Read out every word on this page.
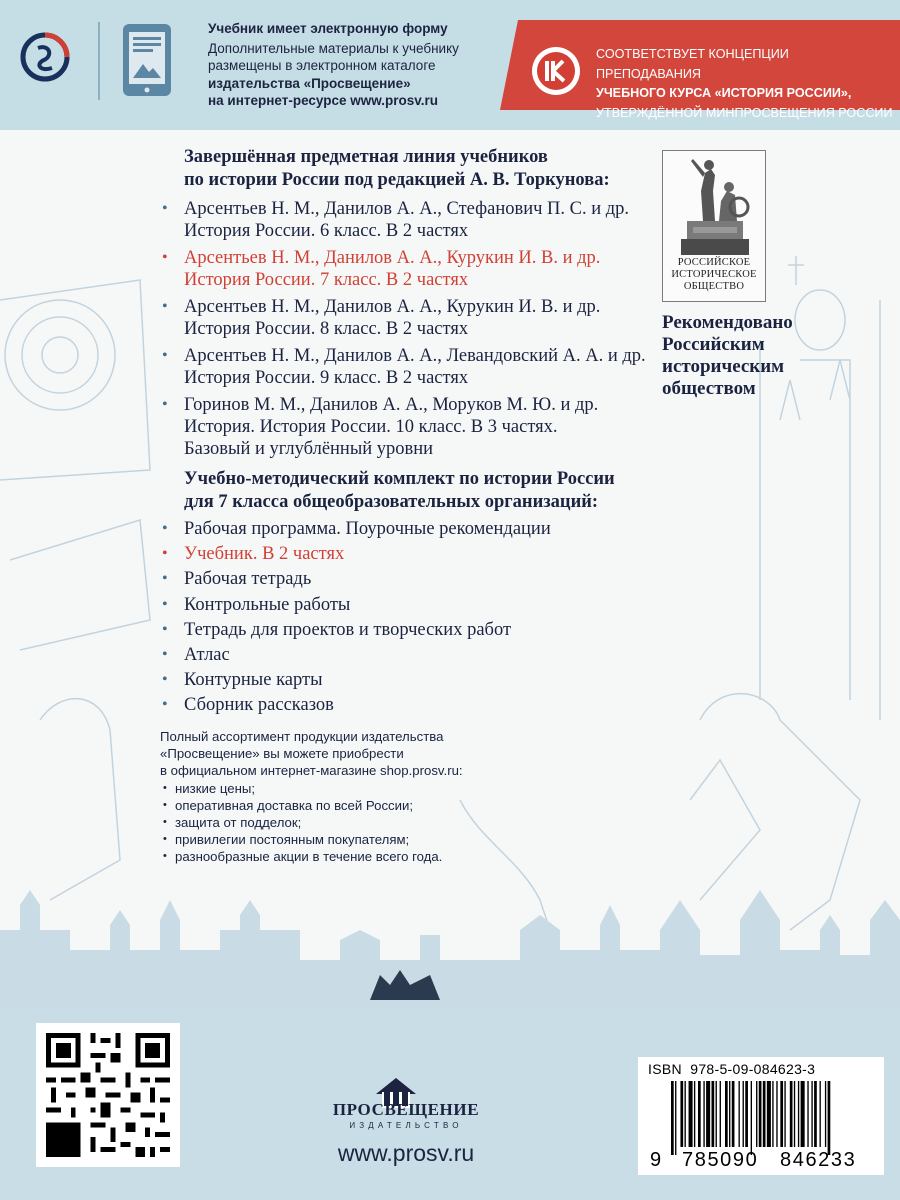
Учебник имеет электронную форму
Дополнительные материалы к учебнику
размещены в электронном каталоге
издательства «Просвещение»
на интернет-ресурсе www.prosv.ru
СООТВЕТСТВУЕТ КОНЦЕПЦИИ ПРЕПОДАВАНИЯ
УЧЕБНОГО КУРСА «ИСТОРИЯ РОССИИ»,
УТВЕРЖДЁННОЙ МИНПРОСВЕЩЕНИЯ РОССИИ
Завершённая предметная линия учебников
по истории России под редакцией А. В. Торкунова:
• Арсентьев Н. М., Данилов А. А., Стефанович П. С. и др.
История России. 6 класс. В 2 частях
• Арсентьев Н. М., Данилов А. А., Курукин И. В. и др.
История России. 7 класс. В 2 частях
• Арсентьев Н. М., Данилов А. А., Курукин И. В. и др.
История России. 8 класс. В 2 частях
• Арсентьев Н. М., Данилов А. А., Левандовский А. А. и др.
История России. 9 класс. В 2 частях
• Горинов М. М., Данилов А. А., Моруков М. Ю. и др.
История. История России. 10 класс. В 3 частях.
Базовый и углублённый уровни
Учебно-методический комплект по истории России
для 7 класса общеобразовательных организаций:
• Рабочая программа. Поурочные рекомендации
• Учебник. В 2 частях
• Рабочая тетрадь
• Контрольные работы
• Тетрадь для проектов и творческих работ
• Атлас
• Контурные карты
• Сборник рассказов
РОССИЙСКОЕ
ИСТОРИЧЕСКОЕ
ОБЩЕСТВО
Рекомендовано
Российским
историческим
обществом
Полный ассортимент продукции издательства
«Просвещение» вы можете приобрести
в официальном интернет-магазине shop.prosv.ru:
• низкие цены;
• оперативная доставка по всей России;
• защита от подделок;
• привилегии постоянным покупателям;
• разнообразные акции в течение всего года.
ПРОСВЕЩЕНИЕ
ИЗДАТЕЛЬСТВО
www.prosv.ru
ISBN  978-5-09-084623-3
9 785090 846233
